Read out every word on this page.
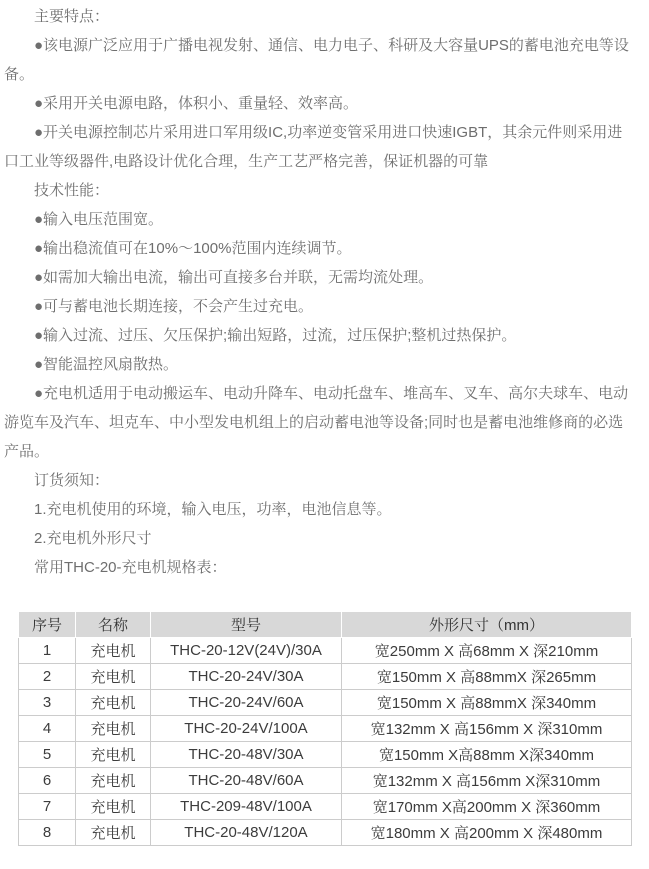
主要特点：

●该电源广泛应用于广播电视发射、通信、电力电子、科研及大容量UPS的蓄电池充电等设备。

●采用开关电源电路，体积小、重量轻、效率高。

●开关电源控制芯片采用进口军用级IC,功率逆变管采用进口快速IGBT，其余元件则采用进口工业等级器件,电路设计优化合理，生产工艺严格完善，保证机器的可靠

技术性能：

●输入电压范围宽。

●输出稳流值可在10%～100%范围内连续调节。

●如需加大输出电流，输出可直接多台并联，无需均流处理。

●可与蓄电池长期连接，不会产生过充电。

●输入过流、过压、欠压保护;输出短路，过流，过压保护;整机过热保护。

●智能温控风扇散热。

●充电机适用于电动搬运车、电动升降车、电动托盘车、堆高车、叉车、高尔夫球车、电动游览车及汽车、坦克车、中小型发电机组上的启动蓄电池等设备;同时也是蓄电池维修商的必选产品。

订货须知：

1.充电机使用的环境，输入电压，功率，电池信息等。

2.充电机外形尺寸

常用THC-20-充电机规格表：

序号	名称	型号	外形尺寸（mm）
1	充电机	THC-20-12V(24V)/30A	宽250mm X 高68mm X 深210mm
2	充电机	THC-20-24V/30A	宽150mm X 高88mmX 深265mm
3	充电机	THC-20-24V/60A	宽150mm X 高88mmX 深340mm
4	充电机	THC-20-24V/100A	宽132mm X 高156mm X 深310mm
5	充电机	THC-20-48V/30A	宽150mm X高88mm X深340mm
6	充电机	THC-20-48V/60A	宽132mm X 高156mm X深310mm
7	充电机	THC-209-48V/100A	宽170mm X高200mm X 深360mm
8	充电机	THC-20-48V/120A	宽180mm X 高200mm X 深480mm
